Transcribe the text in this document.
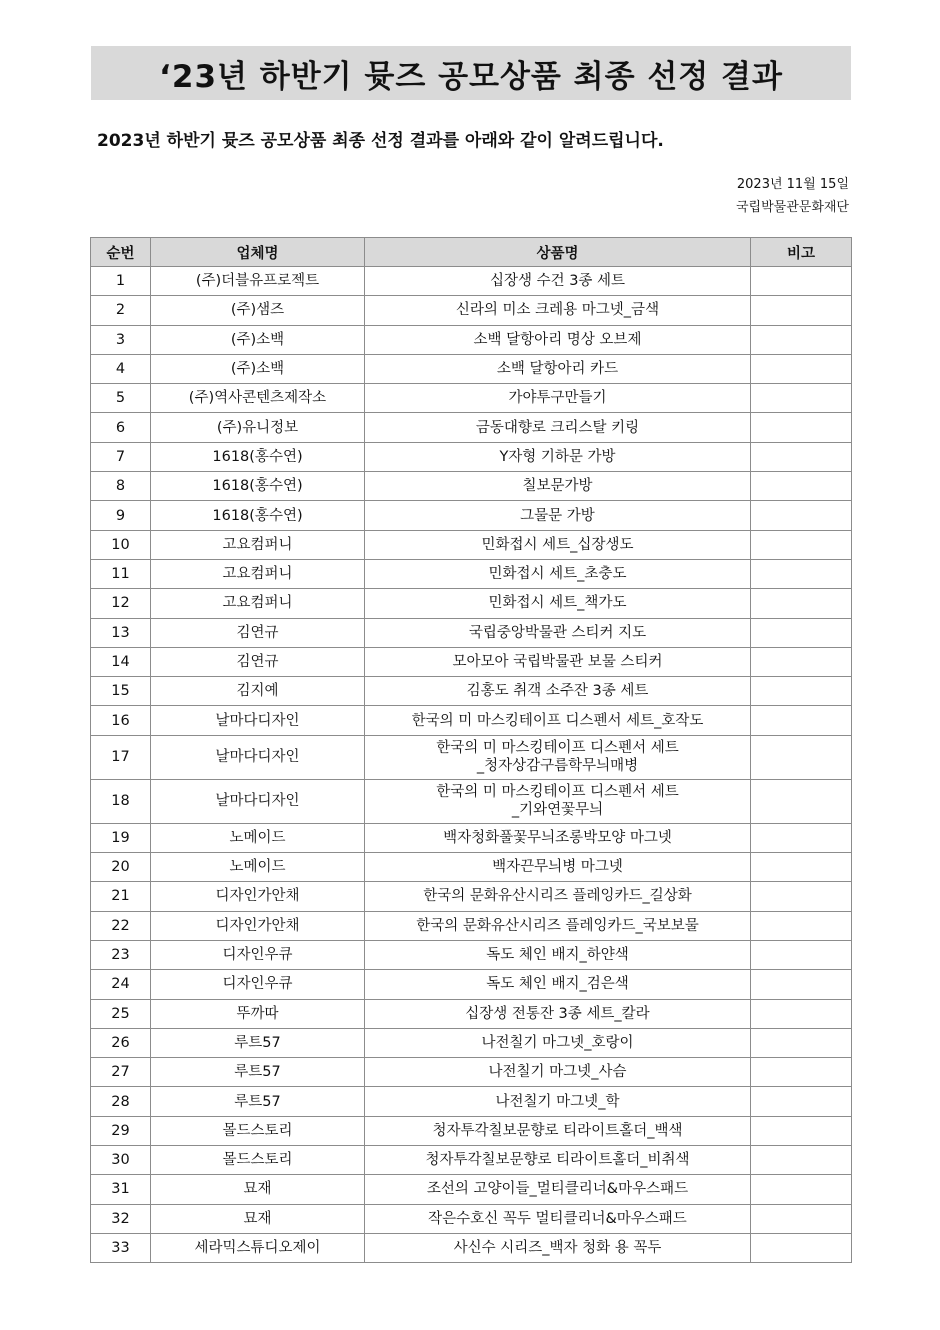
‘23년 하반기 뮷즈 공모상품 최종 선정 결과
2023년 하반기 뮷즈 공모상품 최종 선정 결과를 아래와 같이 알려드립니다.
2023년 11월 15일
국립박물관문화재단
순번	업체명	상품명	비고
1	(주)더블유프로젝트	십장생 수건 3종 세트	
2	(주)샘즈	신라의 미소 크레용 마그넷_금색	
3	(주)소백	소백 달항아리 명상 오브제	
4	(주)소백	소백 달항아리 카드	
5	(주)역사콘텐츠제작소	가야투구만들기	
6	(주)유니정보	금동대향로 크리스탈 키링	
7	1618(홍수연)	Y자형 기하문 가방	
8	1618(홍수연)	칠보문가방	
9	1618(홍수연)	그물문 가방	
10	고요컴퍼니	민화접시 세트_십장생도	
11	고요컴퍼니	민화접시 세트_초충도	
12	고요컴퍼니	민화접시 세트_책가도	
13	김연규	국립중앙박물관 스티커 지도	
14	김연규	모아모아 국립박물관 보물 스티커	
15	김지예	김홍도 취객 소주잔 3종 세트	
16	날마다디자인	한국의 미 마스킹테이프 디스펜서 세트_호작도	
17	날마다디자인	한국의 미 마스킹테이프 디스펜서 세트
_청자상감구름학무늬매병	

18	날마다디자인	한국의 미 마스킹테이프 디스펜서 세트
_기와연꽃무늬	

19	노메이드	백자청화풀꽃무늬조롱박모양 마그넷	
20	노메이드	백자끈무늬병 마그넷	
21	디자인가안채	한국의 문화유산시리즈 플레잉카드_길상화	
22	디자인가안채	한국의 문화유산시리즈 플레잉카드_국보보물	
23	디자인우큐	독도 체인 배지_하얀색	
24	디자인우큐	독도 체인 배지_검은색	
25	뚜까따	십장생 전통잔 3종 세트_칼라	
26	루트57	나전칠기 마그넷_호랑이	
27	루트57	나전칠기 마그넷_사슴	
28	루트57	나전칠기 마그넷_학	
29	몰드스토리	청자투각칠보문향로 티라이트홀더_백색	
30	몰드스토리	청자투각칠보문향로 티라이트홀더_비취색	
31	묘재	조선의 고양이들_멀티클리너&마우스패드	
32	묘재	작은수호신 꼭두 멀티클리너&마우스패드	
33	세라믹스튜디오제이	사신수 시리즈_백자 청화 용 꼭두	
